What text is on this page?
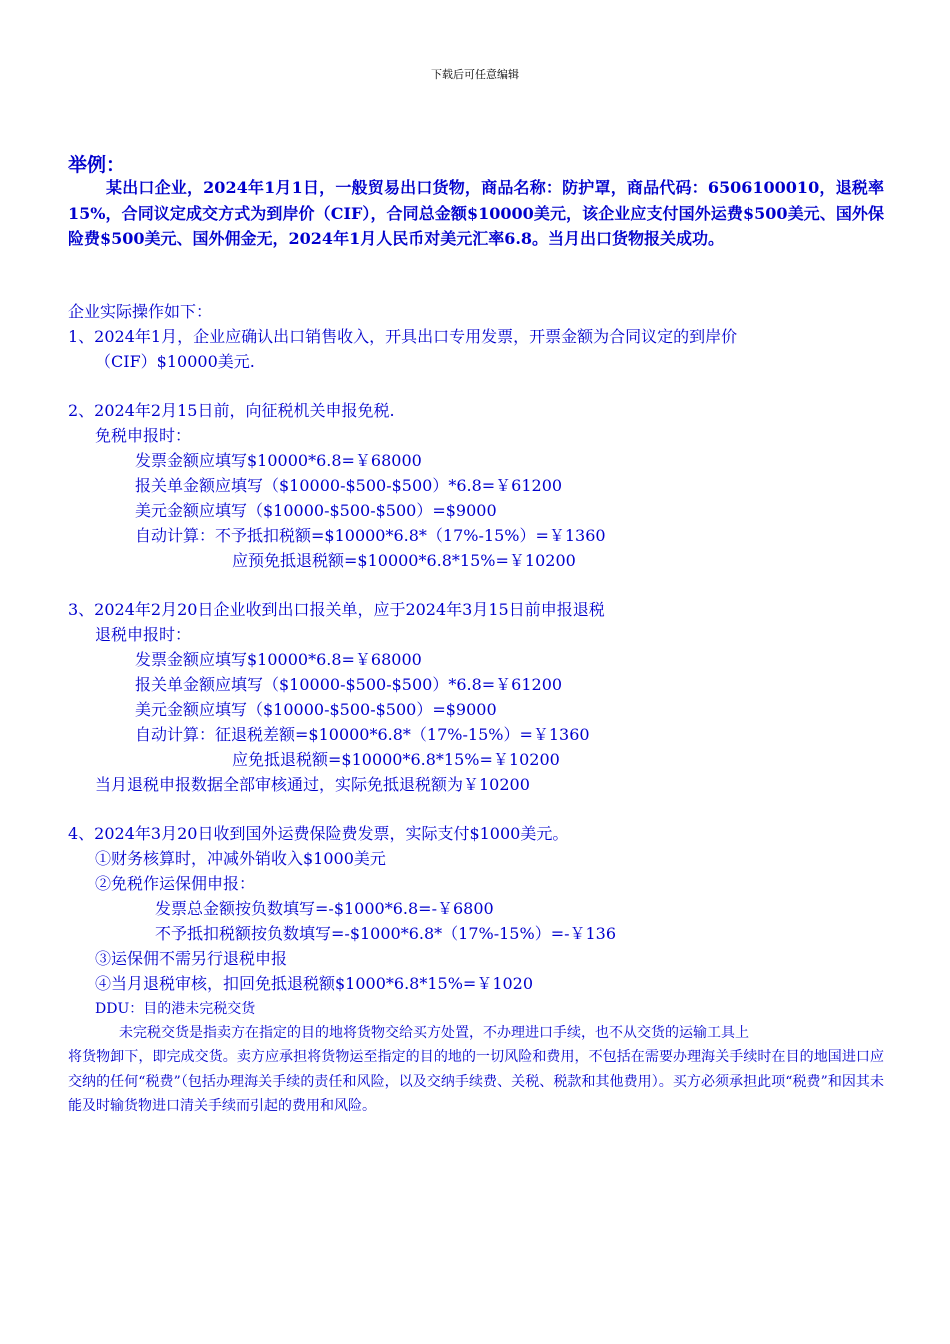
下载后可任意编辑
举例：
某出口企业，2024年1月1日，一般贸易出口货物，商品名称：防护罩，商品代码：6506100010，退税率15%，合同议定成交方式为到岸价（CIF），合同总金额$10000美元，该企业应支付国外运费$500美元、国外保险费$500美元、国外佣金无，2024年1月人民币对美元汇率6.8。当月出口货物报关成功。
企业实际操作如下：
1、2024年1月，企业应确认出口销售收入，开具出口专用发票，开票金额为合同议定的到岸价
（CIF）$10000美元.
2、2024年2月15日前，向征税机关申报免税.
免税申报时：
发票金额应填写$10000*6.8=￥68000
报关单金额应填写（$10000-$500-$500）*6.8=￥61200
美元金额应填写（$10000-$500-$500）=$9000
自动计算：不予抵扣税额=$10000*6.8*（17%-15%）=￥1360
应预免抵退税额=$10000*6.8*15%=￥10200
3、2024年2月20日企业收到出口报关单，应于2024年3月15日前申报退税
退税申报时：
发票金额应填写$10000*6.8=￥68000
报关单金额应填写（$10000-$500-$500）*6.8=￥61200
美元金额应填写（$10000-$500-$500）=$9000
自动计算：征退税差额=$10000*6.8*（17%-15%）=￥1360
应免抵退税额=$10000*6.8*15%=￥10200
当月退税申报数据全部审核通过，实际免抵退税额为￥10200
4、2024年3月20日收到国外运费保险费发票，实际支付$1000美元。
①财务核算时，冲减外销收入$1000美元
②免税作运保佣申报：
发票总金额按负数填写=-$1000*6.8=-￥6800
不予抵扣税额按负数填写=-$1000*6.8*（17%-15%）=-￥136
③运保佣不需另行退税申报
④当月退税审核，扣回免抵退税额$1000*6.8*15%=￥1020
DDU：目的港未完税交货
未完税交货是指卖方在指定的目的地将货物交给买方处置，不办理进口手续，也不从交货的运输工具上
将货物卸下，即完成交货。卖方应承担将货物运至指定的目的地的一切风险和费用，不包括在需要办理海关手续时在目的地国进口应交纳的任何“税费”（包括办理海关手续的责任和风险，以及交纳手续费、关税、税款和其他费用）。买方必须承担此项“税费”和因其未能及时输货物进口清关手续而引起的费用和风险。
